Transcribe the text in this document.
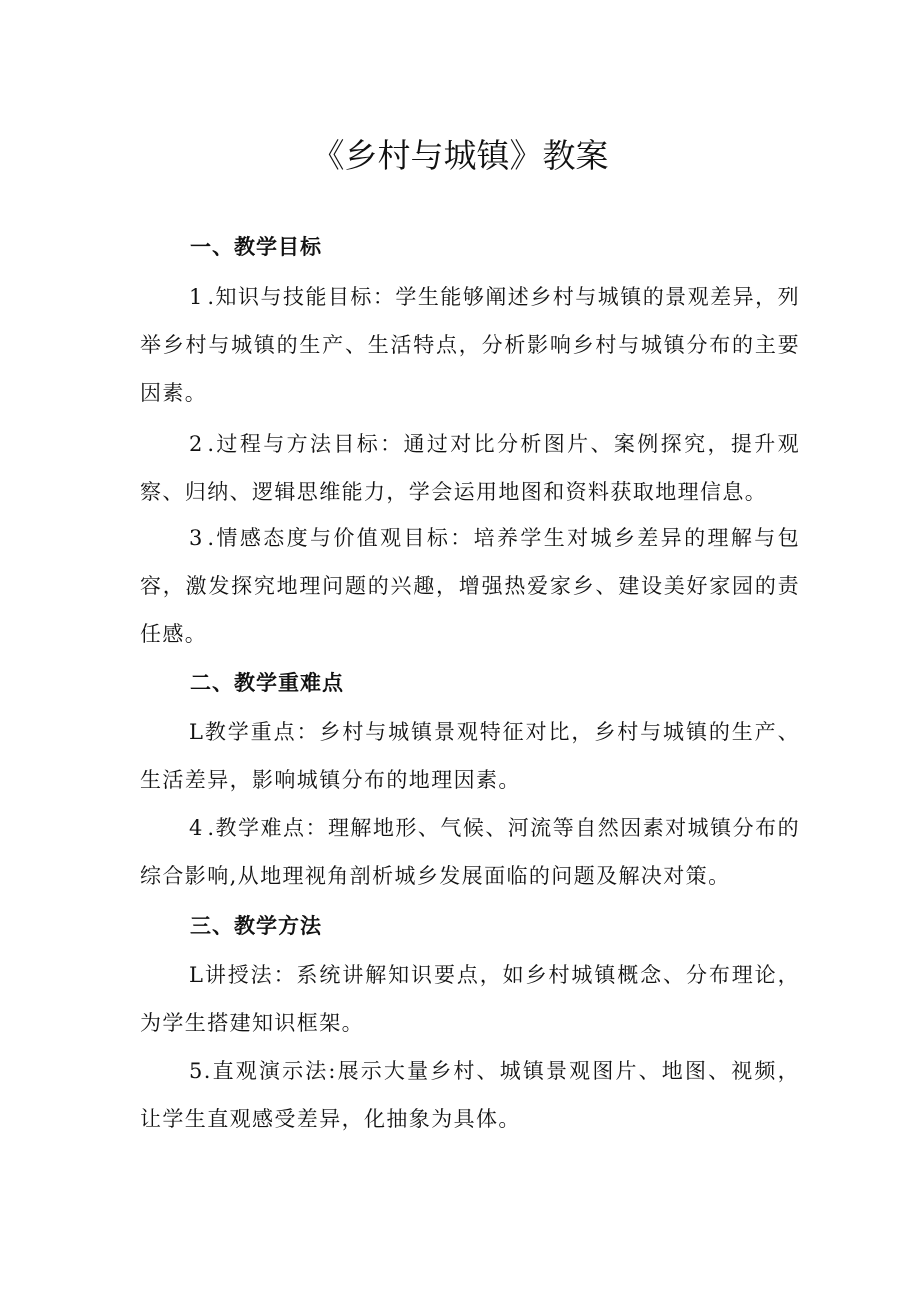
《乡村与城镇》教案
一、教学目标
1.知识与技能目标：学生能够阐述乡村与城镇的景观差异，列举乡村与城镇的生产、生活特点，分析影响乡村与城镇分布的主要因素。
2.过程与方法目标：通过对比分析图片、案例探究，提升观察、归纳、逻辑思维能力，学会运用地图和资料获取地理信息。
3.情感态度与价值观目标：培养学生对城乡差异的理解与包容，激发探究地理问题的兴趣，增强热爱家乡、建设美好家园的责任感。
二、教学重难点
L教学重点：乡村与城镇景观特征对比，乡村与城镇的生产、生活差异，影响城镇分布的地理因素。
4.教学难点：理解地形、气候、河流等自然因素对城镇分布的综合影响,从地理视角剖析城乡发展面临的问题及解决对策。
三、教学方法
L讲授法：系统讲解知识要点，如乡村城镇概念、分布理论，为学生搭建知识框架。
5.直观演示法:展示大量乡村、城镇景观图片、地图、视频，让学生直观感受差异，化抽象为具体。
